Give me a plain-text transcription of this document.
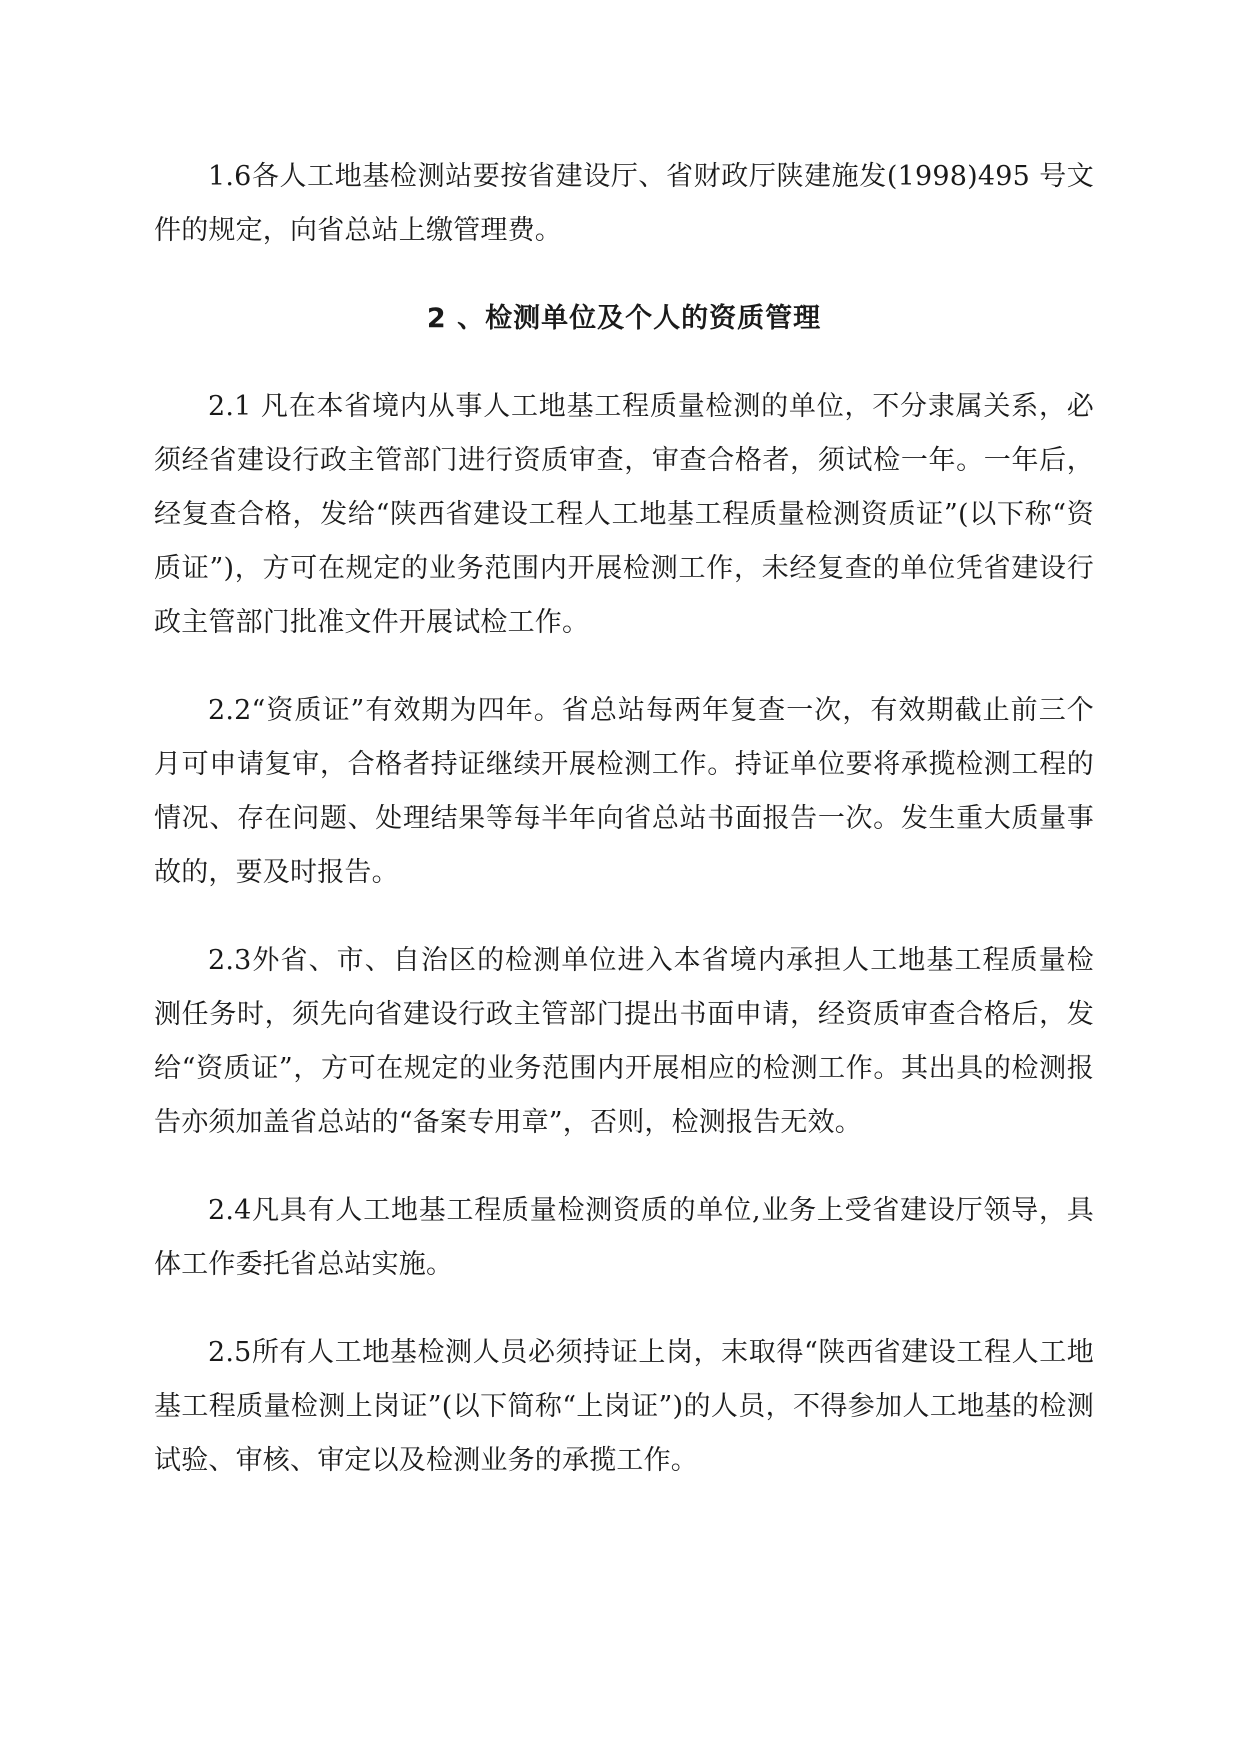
1.6各人工地基检测站要按省建设厅、省财政厅陕建施发(1998)495 号文件的规定，向省总站上缴管理费。

2 、检测单位及个人的资质管理

2.1 凡在本省境内从事人工地基工程质量检测的单位，不分隶属关系，必须经省建设行政主管部门进行资质审查，审查合格者，须试检一年。一年后，经复查合格，发给“陕西省建设工程人工地基工程质量检测资质证”(以下称“资质证”)，方可在规定的业务范围内开展检测工作，未经复查的单位凭省建设行政主管部门批准文件开展试检工作。

2.2“资质证”有效期为四年。省总站每两年复查一次，有效期截止前三个月可申请复审，合格者持证继续开展检测工作。持证单位要将承揽检测工程的情况、存在问题、处理结果等每半年向省总站书面报告一次。发生重大质量事故的，要及时报告。

2.3外省、市、自治区的检测单位进入本省境内承担人工地基工程质量检测任务时，须先向省建设行政主管部门提出书面申请，经资质审查合格后，发给“资质证”，方可在规定的业务范围内开展相应的检测工作。其出具的检测报告亦须加盖省总站的“备案专用章”，否则，检测报告无效。

2.4凡具有人工地基工程质量检测资质的单位,业务上受省建设厅领导，具体工作委托省总站实施。

2.5所有人工地基检测人员必须持证上岗，末取得“陕西省建设工程人工地基工程质量检测上岗证”(以下简称“上岗证”)的人员，不得参加人工地基的检测试验、审核、审定以及检测业务的承揽工作。
